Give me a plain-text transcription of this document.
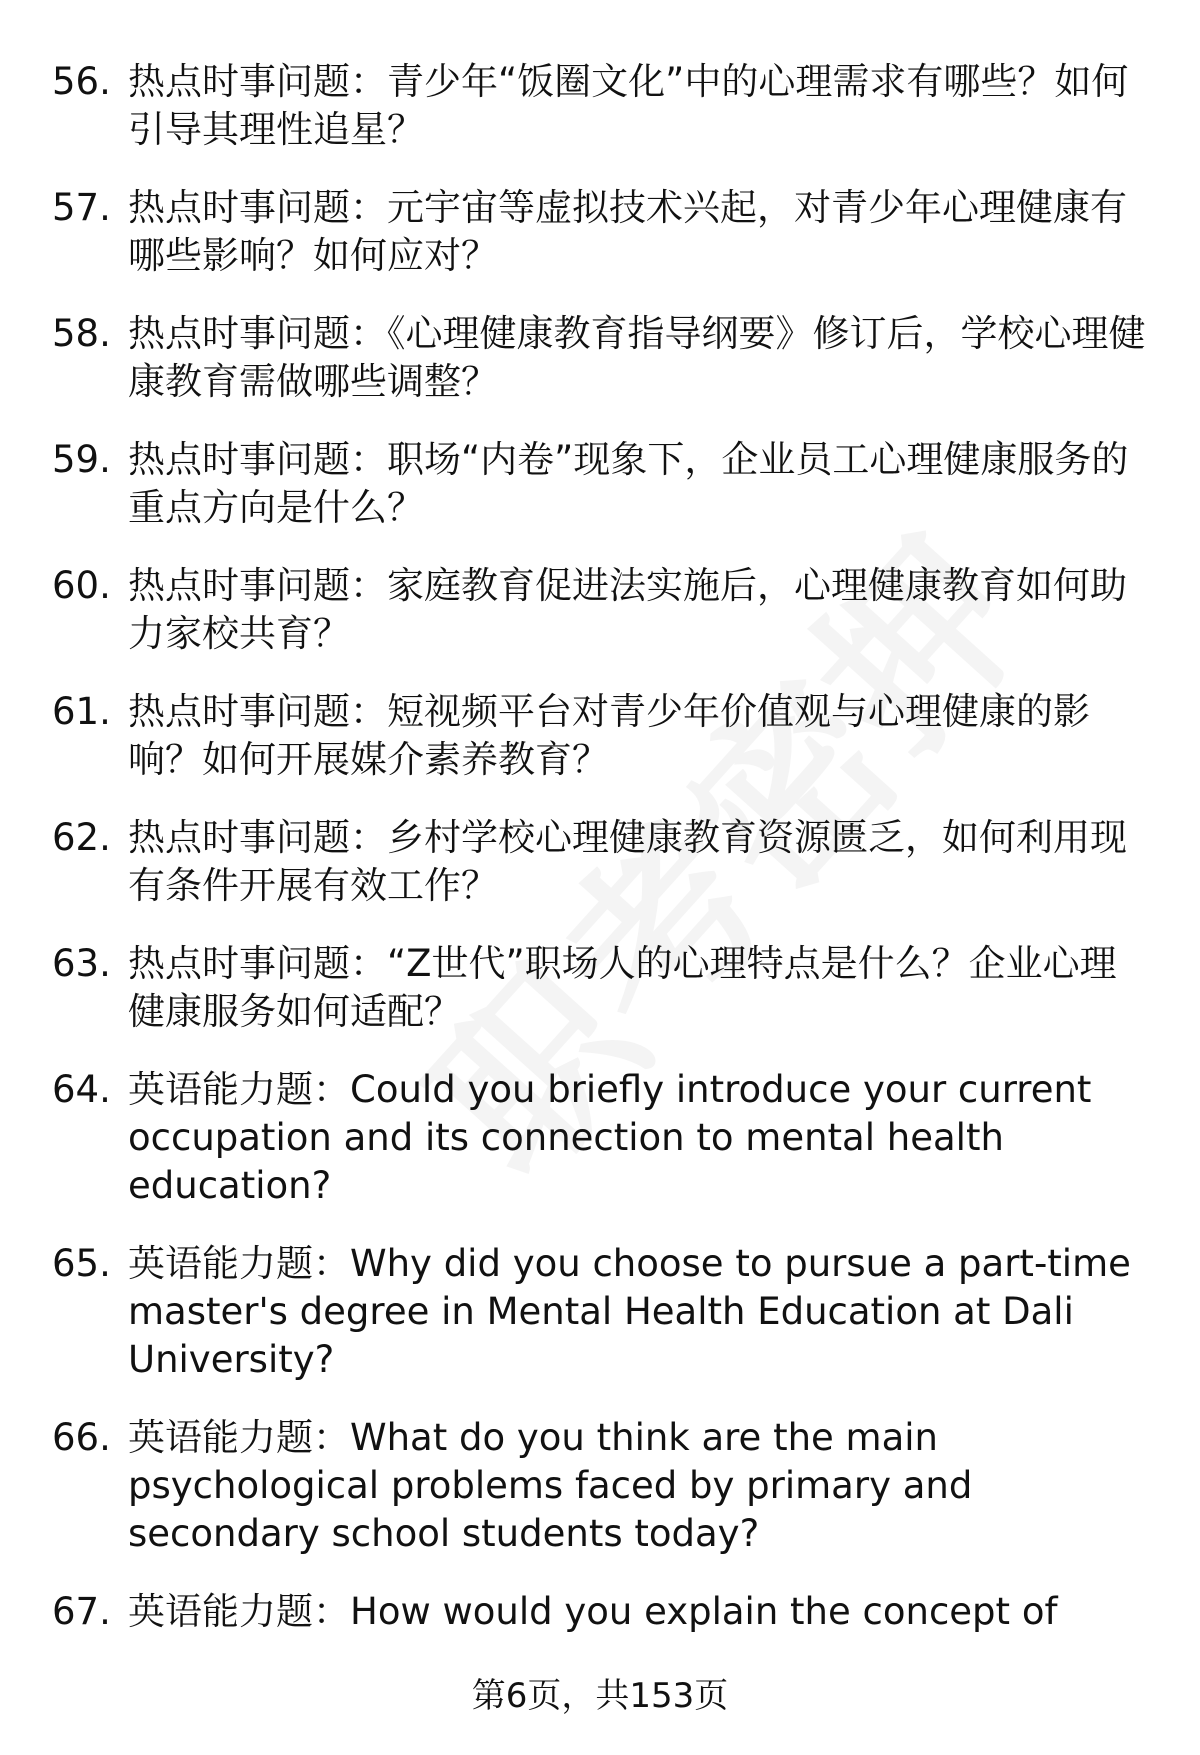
56. 热点时事问题：青少年“饭圈文化”中的心理需求有哪些？如何引导其理性追星？
57. 热点时事问题：元宇宙等虚拟技术兴起，对青少年心理健康有哪些影响？如何应对？
58. 热点时事问题：《心理健康教育指导纲要》修订后，学校心理健康教育需做哪些调整？
59. 热点时事问题：职场“内卷”现象下，企业员工心理健康服务的重点方向是什么？
60. 热点时事问题：家庭教育促进法实施后，心理健康教育如何助力家校共育？
61. 热点时事问题：短视频平台对青少年价值观与心理健康的影响？如何开展媒介素养教育？
62. 热点时事问题：乡村学校心理健康教育资源匮乏，如何利用现有条件开展有效工作？
63. 热点时事问题：“Z世代”职场人的心理特点是什么？企业心理健康服务如何适配？
64. 英语能力题：Could you briefly introduce your current occupation and its connection to mental health education?
65. 英语能力题：Why did you choose to pursue a part-time master's degree in Mental Health Education at Dali University?
66. 英语能力题：What do you think are the main psychological problems faced by primary and secondary school students today?
67. 英语能力题：How would you explain the concept of
第6页，共153页
